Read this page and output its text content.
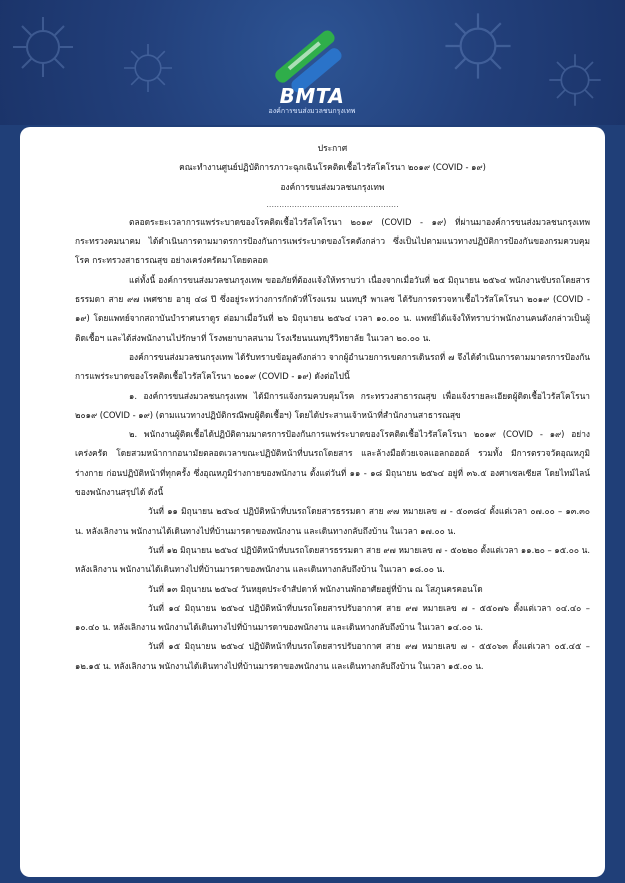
BMTA
องค์การขนส่งมวลชนกรุงเทพ
ประกาศ
คณะทำงานศูนย์ปฏิบัติการภาวะฉุกเฉินโรคติดเชื้อไวรัสโคโรนา ๒๐๑๙ (COVID - ๑๙)
องค์การขนส่งมวลชนกรุงเทพ
....................................................

ตลอดระยะเวลาการแพร่ระบาดของโรคติดเชื้อไวรัสโคโรนา ๒๐๑๙ (COVID - ๑๙) ที่ผ่านมาองค์การขนส่งมวลชนกรุงเทพ กระทรวงคมนาคม ได้ดำเนินการตามมาตรการป้องกันการแพร่ระบาดของโรคดังกล่าว ซึ่งเป็นไปตามแนวทางปฏิบัติการป้องกันของกรมควบคุมโรค กระทรวงสาธารณสุข อย่างเคร่งครัดมาโดยตลอด

แต่ทั้งนี้ องค์การขนส่งมวลชนกรุงเทพ ขออภัยที่ต้องแจ้งให้ทราบว่า เนื่องจากเมื่อวันที่ ๒๕ มิถุนายน ๒๕๖๔ พนักงานขับรถโดยสารธรรมดา สาย ๙๗ เพศชาย อายุ ๔๘ ปี ซึ่งอยู่ระหว่างการกักตัวที่โรงแรม นนทบุรี พาเลซ ได้รับการตรวจหาเชื้อไวรัสโคโรนา ๒๐๑๙ (COVID - ๑๙) โดยแพทย์จากสถาบันบำราศนราดูร ต่อมาเมื่อวันที่ ๒๖ มิถุนายน ๒๕๖๔ เวลา ๑๐.๐๐ น. แพทย์ได้แจ้งให้ทราบว่าพนักงานคนดังกล่าวเป็นผู้ติดเชื้อฯ และได้ส่งพนักงานไปรักษาที่ โรงพยาบาลสนาม โรงเรียนนนทบุรีวิทยาลัย ในเวลา ๒๐.๐๐ น.

องค์การขนส่งมวลชนกรุงเทพ ได้รับทราบข้อมูลดังกล่าว จากผู้อำนวยการเขตการเดินรถที่ ๗ จึงได้ดำเนินการตามมาตรการป้องกันการแพร่ระบาดของโรคติดเชื้อไวรัสโคโรนา ๒๐๑๙ (COVID - ๑๙) ดังต่อไปนี้

๑. องค์การขนส่งมวลชนกรุงเทพ ได้มีการแจ้งกรมควบคุมโรค กระทรวงสาธารณสุข เพื่อแจ้งรายละเอียดผู้ติดเชื้อไวรัสโคโรนา ๒๐๑๙ (COVID - ๑๙) (ตามแนวทางปฏิบัติกรณีพบผู้ติดเชื้อฯ) โดยได้ประสานเจ้าหน้าที่สำนักงานสาธารณสุข

๒. พนักงานผู้ติดเชื้อได้ปฏิบัติตามมาตรการป้องกันการแพร่ระบาดของโรคติดเชื้อไวรัสโคโรนา ๒๐๑๙ (COVID - ๑๙) อย่างเคร่งครัด โดยสวมหน้ากากอนามัยตลอดเวลาขณะปฏิบัติหน้าที่บนรถโดยสาร และล้างมือด้วยเจลแอลกอฮอล์ รวมทั้ง มีการตรวจวัดอุณหภูมิร่างกาย ก่อนปฏิบัติหน้าที่ทุกครั้ง ซึ่งอุณหภูมิร่างกายของพนักงาน ตั้งแต่วันที่ ๑๑ - ๑๘ มิถุนายน ๒๕๖๔ อยู่ที่ ๓๖.๕ องศาเซลเซียส โดยไทม์ไลน์ของพนักงานสรุปได้ ดังนี้

วันที่ ๑๑ มิถุนายน ๒๕๖๔ ปฏิบัติหน้าที่บนรถโดยสารธรรมดา สาย ๙๗ หมายเลข ๗ - ๕๐๓๘๔ ตั้งแต่เวลา ๐๗.๐๐ – ๑๓.๓๐ น. หลังเลิกงาน พนักงานได้เดินทางไปที่บ้านมารดาของพนักงาน และเดินทางกลับถึงบ้าน ในเวลา ๑๗.๐๐ น.

วันที่ ๑๒ มิถุนายน ๒๕๖๔ ปฏิบัติหน้าที่บนรถโดยสารธรรมดา สาย ๙๗ หมายเลข ๗ - ๕๐๒๒๐ ตั้งแต่เวลา ๑๑.๒๐ – ๑๕.๐๐ น. หลังเลิกงาน พนักงานได้เดินทางไปที่บ้านมารดาของพนักงาน และเดินทางกลับถึงบ้าน ในเวลา ๑๘.๐๐ น.

วันที่ ๑๓ มิถุนายน ๒๕๖๔ วันหยุดประจำสัปดาห์ พนักงานพักอาศัยอยู่ที่บ้าน ณ โสภูนครคอนโด

วันที่ ๑๔ มิถุนายน ๒๕๖๔ ปฏิบัติหน้าที่บนรถโดยสารปรับอากาศ สาย ๙๗ หมายเลข ๗ - ๕๕๐๗๖ ตั้งแต่เวลา ๐๔.๔๐ – ๑๐.๔๐ น. หลังเลิกงาน พนักงานได้เดินทางไปที่บ้านมารดาของพนักงาน และเดินทางกลับถึงบ้าน ในเวลา ๑๔.๐๐ น.

วันที่ ๑๕ มิถุนายน ๒๕๖๔ ปฏิบัติหน้าที่บนรถโดยสารปรับอากาศ สาย ๙๗ หมายเลข ๗ - ๕๕๐๖๓ ตั้งแต่เวลา ๐๕.๔๕ – ๑๒.๑๕ น. หลังเลิกงาน พนักงานได้เดินทางไปที่บ้านมารดาของพนักงาน และเดินทางกลับถึงบ้าน ในเวลา ๑๕.๐๐ น.
